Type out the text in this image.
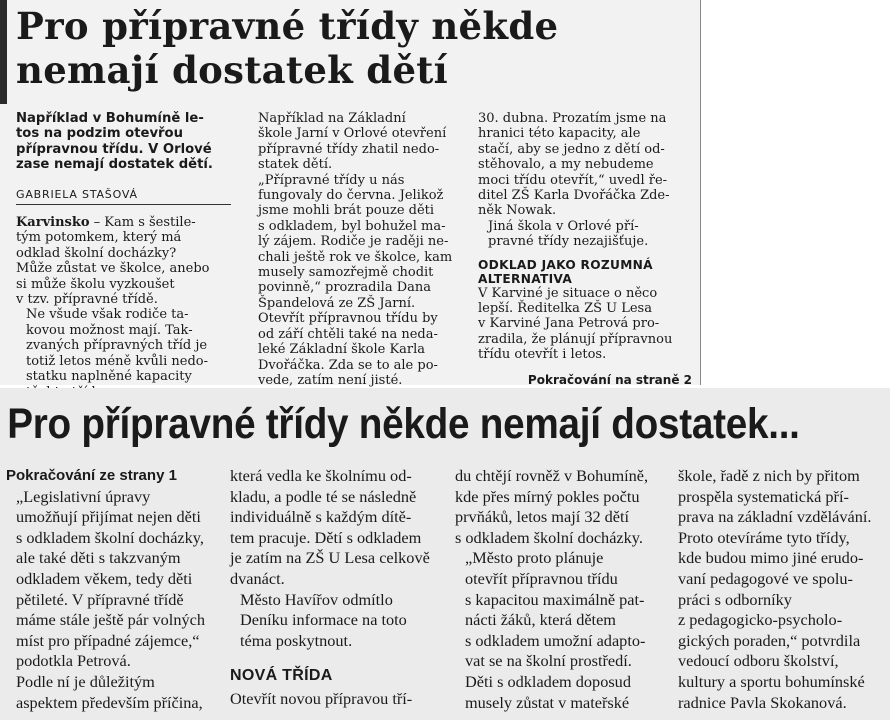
Pro přípravné třídy někde
nemají dostatek dětí
Například v Bohumíně le-
tos na podzim otevřou
přípravnou třídu. V Orlové
zase nemají dostatek dětí.
GABRIELA STAŠOVÁ
Karvinsko – Kam s šestile-
tým potomkem, který má
odklad školní docházky?
Může zůstat ve školce, anebo
si může školu vyzkoušet
v tzv. přípravné třídě.
Ne všude však rodiče ta-
kovou možnost mají. Tak-
zvaných přípravných tříd je
totiž letos méně kvůli nedo-
statku naplněné kapacity
Například na Základní
škole Jarní v Orlové otevření
přípravné třídy zhatil nedo-
statek dětí.
„Přípravné třídy u nás
fungovaly do června. Jelikož
jsme mohli brát pouze děti
s odkladem, byl bohužel ma-
lý zájem. Rodiče je raději ne-
chali ještě rok ve školce, kam
musely samozřejmě chodit
povinně,“ prozradila Dana
Špandelová ze ZŠ Jarní.
Otevřít přípravnou třídu by
od září chtěli také na neda-
leké Základní škole Karla
Dvořáčka. Zda se to ale po-
vede, zatím není jisté.
30. dubna. Prozatím jsme na
hranici této kapacity, ale
stačí, aby se jedno z dětí od-
stěhovalo, a my nebudeme
moci třídu otevřít,“ uvedl ře-
ditel ZŠ Karla Dvořáčka Zde-
něk Nowak.
Jiná škola v Orlové pří-
pravné třídy nezajišťuje.
ODKLAD JAKO ROZUMNÁ
ALTERNATIVA
V Karviné je situace o něco
lepší. Ředitelka ZŠ U Lesa
v Karviné Jana Petrová pro-
zradila, že plánují přípravnou
třídu otevřít i letos.
Pokračování na straně 2
Pro přípravné třídy někde nemají dostatek...
Pokračování ze strany 1
„Legislativní úpravy
umožňují přijímat nejen děti
s odkladem školní docházky,
ale také děti s takzvaným
odkladem věkem, tedy děti
pětileté. V přípravné třídě
máme stále ještě pár volných
míst pro případné zájemce,“
podotkla Petrová.
Podle ní je důležitým
aspektem především příčina,
která vedla ke školnímu od-
kladu, a podle té se následně
individuálně s každým dítě-
tem pracuje. Dětí s odkladem
je zatím na ZŠ U Lesa celkově
dvanáct.
Město Havířov odmítlo
Deníku informace na toto
téma poskytnout.
NOVÁ TŘÍDA
Otevřít novou přípravou tří-
du chtějí rovněž v Bohumíně,
kde přes mírný pokles počtu
prvňáků, letos mají 32 dětí
s odkladem školní docházky.
„Město proto plánuje
otevřít přípravnou třídu
s kapacitou maximálně pat-
nácti žáků, která dětem
s odkladem umožní adapto-
vat se na školní prostředí.
Děti s odkladem doposud
musely zůstat v mateřské
škole, řadě z nich by přitom
prospěla systematická pří-
prava na základní vzdělávání.
Proto otevíráme tyto třídy,
kde budou mimo jiné erudo-
vaní pedagogové ve spolu-
práci s odborníky
z pedagogicko-psycholo-
gických poraden,“ potvrdila
vedoucí odboru školství,
kultury a sportu bohumínské
radnice Pavla Skokanová.
